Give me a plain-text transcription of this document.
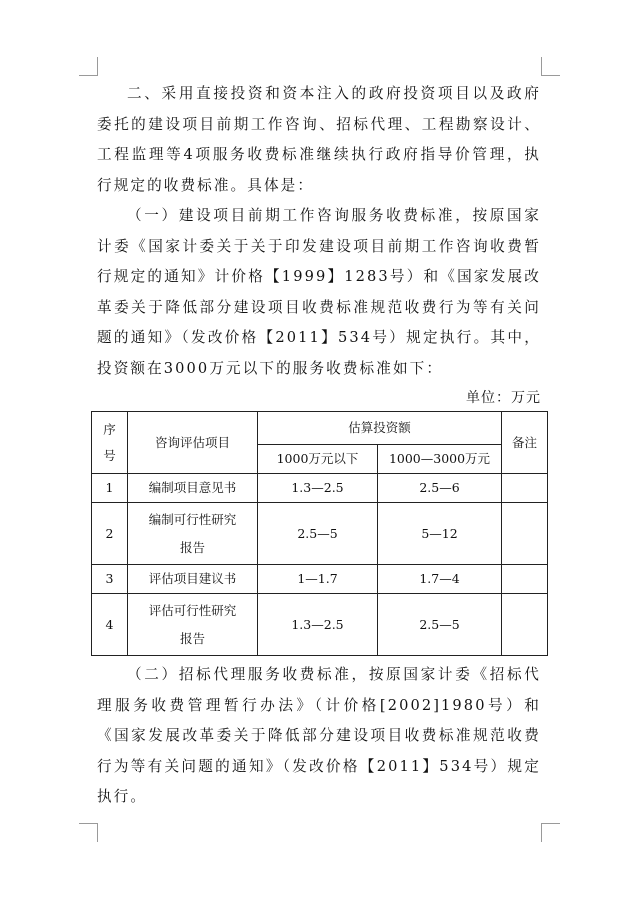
二、采用直接投资和资本注入的政府投资项目以及政府委托的建设项目前期工作咨询、招标代理、工程勘察设计、工程监理等4项服务收费标准继续执行政府指导价管理，执行规定的收费标准。具体是：

（一）建设项目前期工作咨询服务收费标准，按原国家计委《国家计委关于关于印发建设项目前期工作咨询收费暂行规定的通知》计价格【1999】1283号）和《国家发展改革委关于降低部分建设项目收费标准规范收费行为等有关问题的通知》（发改价格【2011】534号）规定执行。其中，投资额在3000万元以下的服务收费标准如下：

单位：万元
序号	咨询评估项目	估算投资额		备注
		1000万元以下	1000—3000万元	
1	编制项目意见书	1.3—2.5	2.5—6	
2	编制可行性研究报告	2.5—5	5—12	
3	评估项目建议书	1—1.7	1.7—4	
4	评估可行性研究报告	1.3—2.5	2.5—5	

（二）招标代理服务收费标准，按原国家计委《招标代理服务收费管理暂行办法》（计价格[2002]1980号）和《国家发展改革委关于降低部分建设项目收费标准规范收费行为等有关问题的通知》（发改价格【2011】534号）规定执行。
